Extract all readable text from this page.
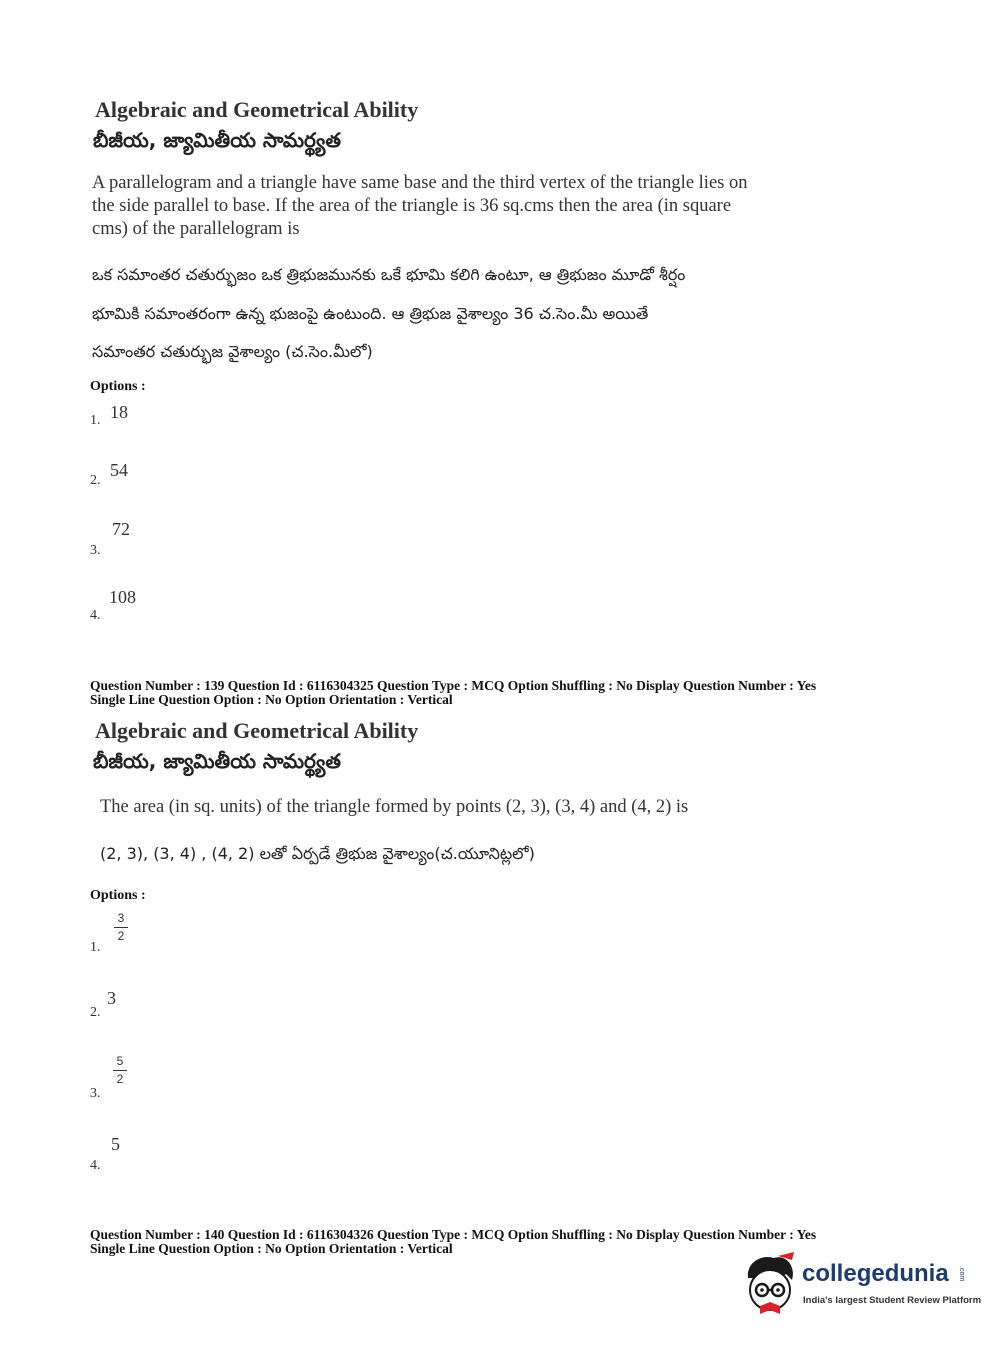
Algebraic and Geometrical Ability
బీజీయ, జ్యామితీయ సామర్థ్యత
A parallelogram and a triangle have same base and the third vertex of the triangle lies on
the side parallel to base. If the area of the triangle is 36 sq.cms then the area (in square
cms) of the parallelogram is
ఒక సమాంతర చతుర్భుజం ఒక త్రిభుజమునకు ఒకే భూమి కలిగి ఉంటూ, ఆ త్రిభుజం మూడో శీర్షం
భూమికి సమాంతరంగా ఉన్న భుజంపై ఉంటుంది. ఆ త్రిభుజ వైశాల్యం 36 చ.సెం.మీ అయితే
సమాంతర చతుర్భుజ వైశాల్యం (చ.సెం.మీలో)
Options :
1. 18
2.
54
3.
72
4.
108
Question Number : 139 Question Id : 6116304325 Question Type : MCQ Option Shuffling : No Display Question Number : Yes
Single Line Question Option : No Option Orientation : Vertical
Algebraic and Geometrical Ability
బీజీయ, జ్యామితీయ సామర్థ్యత
The area (in sq. units) of the triangle formed by points (2, 3), (3, 4) and (4, 2) is
(2, 3), (3, 4) , (4, 2) లతో ఏర్పడే త్రిభుజ వైశాల్యం(చ.యూనిట్లలో)
Options :
1.
3
2
2.
3
3.
5
2
4.
5
Question Number : 140 Question Id : 6116304326 Question Type : MCQ Option Shuffling : No Display Question Number : Yes
Single Line Question Option : No Option Orientation : Vertical
collegedunia .com
India's largest Student Review Platform
